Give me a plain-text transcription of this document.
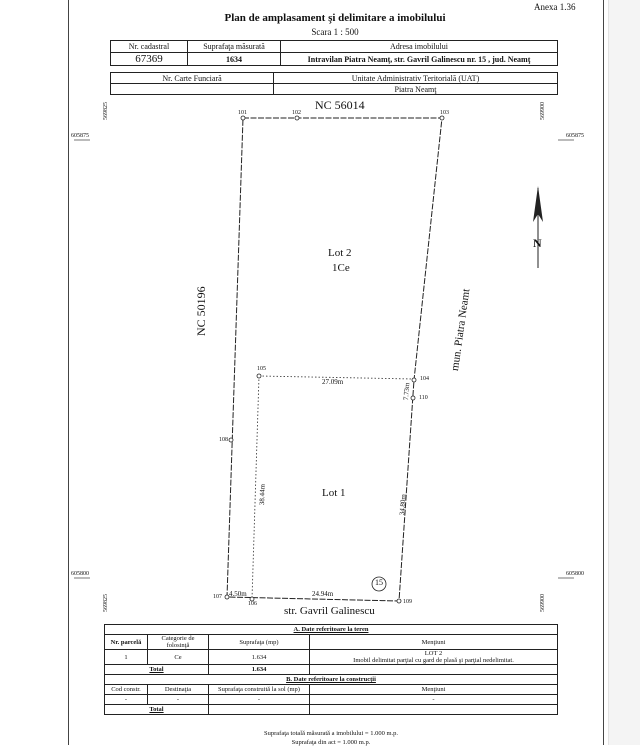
Anexa 1.36
Plan de amplasament şi delimitare a imobilului
Scara 1 : 500
Nr. cadastral	Suprafaţa măsurată	Adresa imobilului
67369	1634	Intravilan Piatra Neamț, str. Gavril Galinescu nr. 15 , jud. Neamţ
Nr. Carte Funciară	Unitate Administrativ Teritorială (UAT)
	Piatra Neamţ
605875	605875
605800	605800
569825	569900
569825	569900
NC 56014
NC 50196	mun. Piatra Neamt
str. Gavril Galinescu
Lot 2
1Ce
Lot 1
101	102	103
104
105
106
107
108
109
110
27.09m
38.44m	34.80m
7.73m
4.50m	24.94m
15
N
A. Date referitoare la teren			
Nr. parcelă	Categorie de folosinţă	Suprafaţa (mp)	Menţiuni
1	Ce	1.634	LOT 2
Imobil delimitat parţial cu gard de plasă şi parţial nedelimitat.

Total		1.634	
B. Date referitoare la construcţii			
Cod constr.	Destinaţia	Suprafaţa construită la sol (mp)	Menţiuni
-	-	-	-
Total			
Suprafaţa totală măsurată a imobilului = 1.000 m.p.
Suprafaţa din act = 1.000 m.p.
